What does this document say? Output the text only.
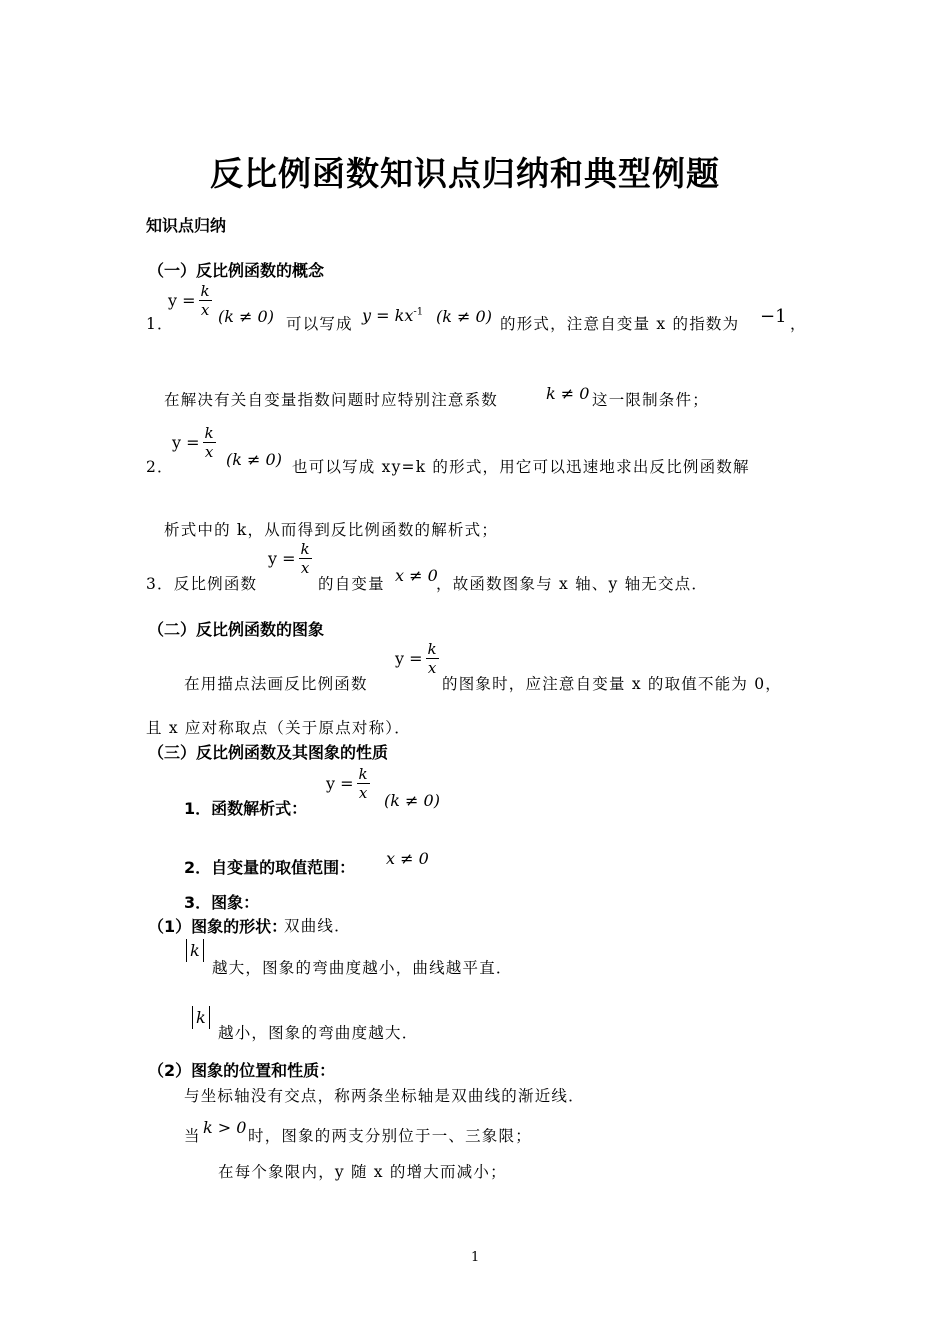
反比例函数知识点归纳和典型例题
知识点归纳
（一）反比例函数的概念
1．
$y = \frac{k}{x} (k \ne 0)$ 可以写成 $y = kx^{-1}$ (k ≠ 0) 的形式，注意自变量 x 的指数为 −1 ，
在解决有关自变量指数问题时应特别注意系数	k ≠ 0 这一限制条件；
2．
$y = \frac{k}{x} (k \ne 0)$ 也可以写成 xy=k 的形式，用它可以迅速地求出反比例函数解
析式中的 k，从而得到反比例函数的解析式；
3．反比例函数
$y = \frac{k}{x}$
的自变量 x ≠ 0
，故函数图象与 x 轴、y 轴无交点．
（二）反比例函数的图象
在用描点法画反比例函数
$y = \frac{k}{x}$
的图象时，应注意自变量 x 的取值不能为 0，
且 x 应对称取点（关于原点对称）．
（三）反比例函数及其图象的性质
1．函数解析式：
$y = \frac{k}{x} (k \ne 0)$
2．自变量的取值范围： x ≠ 0
3．图象：
（1）图象的形状：
双曲线．
k
越大，图象的弯曲度越小，曲线越平直．
k
越小，图象的弯曲度越大．
（2）图象的位置和性质：
与坐标轴没有交点，称两条坐标轴是双曲线的渐近线．
当 k > 0 时，图象的两支分别位于一、三象限；
在每个象限内，y 随 x 的增大而减小；
1
